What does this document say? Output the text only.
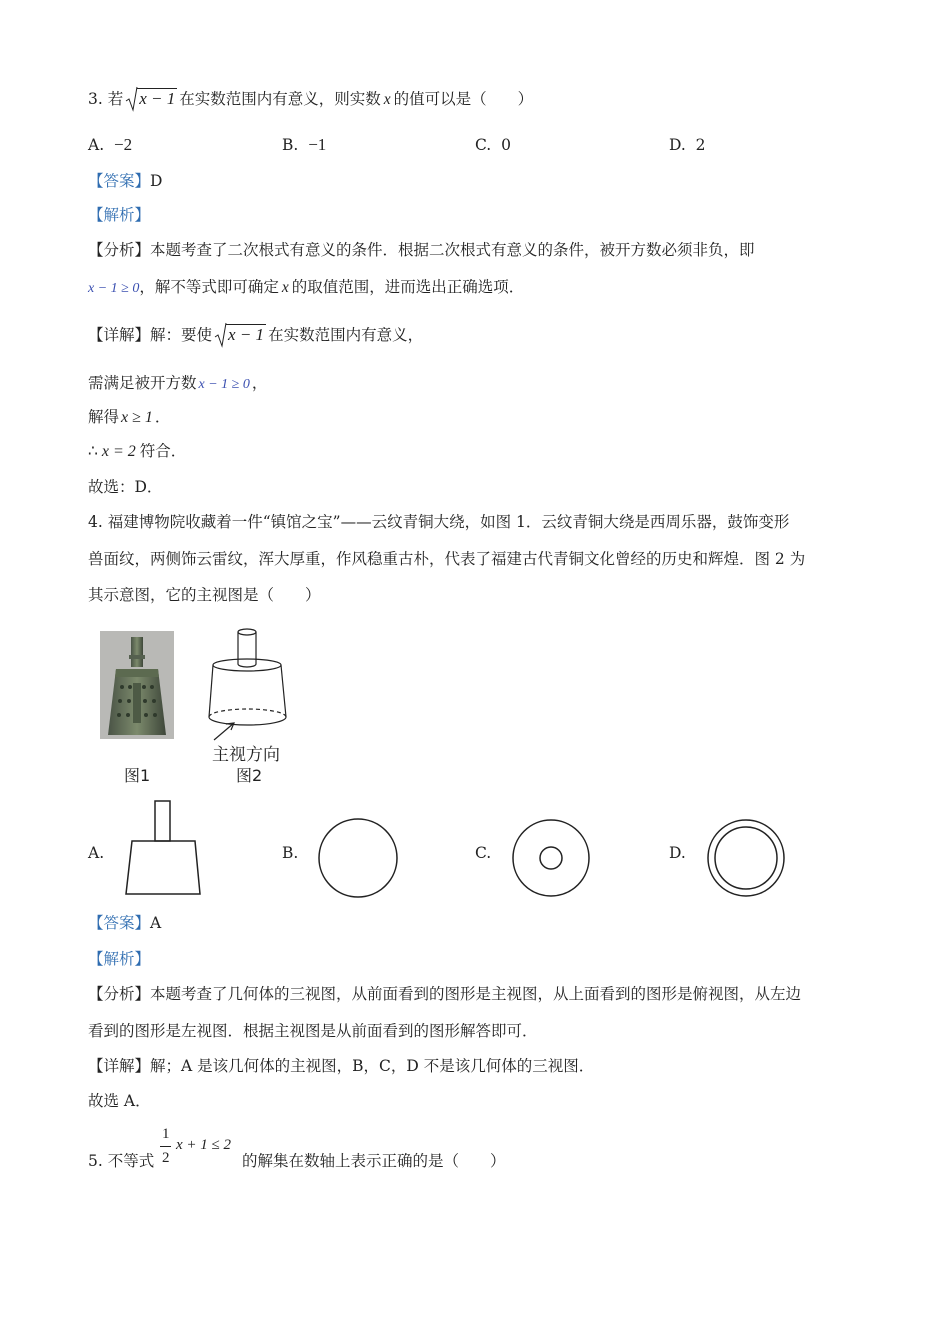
3. 若 x − 1 在实数范围内有意义，则实数 x 的值可以是（　　）
A. −2	B. −1	C. 0	D. 2
【答案】D
【解析】
【分析】本题考查了二次根式有意义的条件．根据二次根式有意义的条件，被开方数必须非负，即
x − 1 ≥ 0，解不等式即可确定 x 的取值范围，进而选出正确选项．
【详解】解：要使 x − 1 在实数范围内有意义，
需满足被开方数 x − 1 ≥ 0 ，
解得 x ≥ 1 ．
∴ x = 2 符合．
故选：D．
4. 福建博物院收藏着一件“镇馆之宝”——云纹青铜大绕，如图 1．云纹青铜大绕是西周乐器，鼓饰变形
兽面纹，两侧饰云雷纹，浑大厚重，作风稳重古朴，代表了福建古代青铜文化曾经的历史和辉煌．图 2 为
其示意图，它的主视图是（　　）
主视方向
图1	图2
A.	B.	C.	D.
【答案】A
【解析】
【分析】本题考查了几何体的三视图，从前面看到的图形是主视图，从上面看到的图形是俯视图，从左边
看到的图形是左视图．根据主视图是从前面看到的图形解答即可．
【详解】解；A 是该几何体的主视图，B，C，D 不是该几何体的三视图．
故选 A．
5. 不等式
1
2
x + 1 ≤ 2
的解集在数轴上表示正确的是（　　）
